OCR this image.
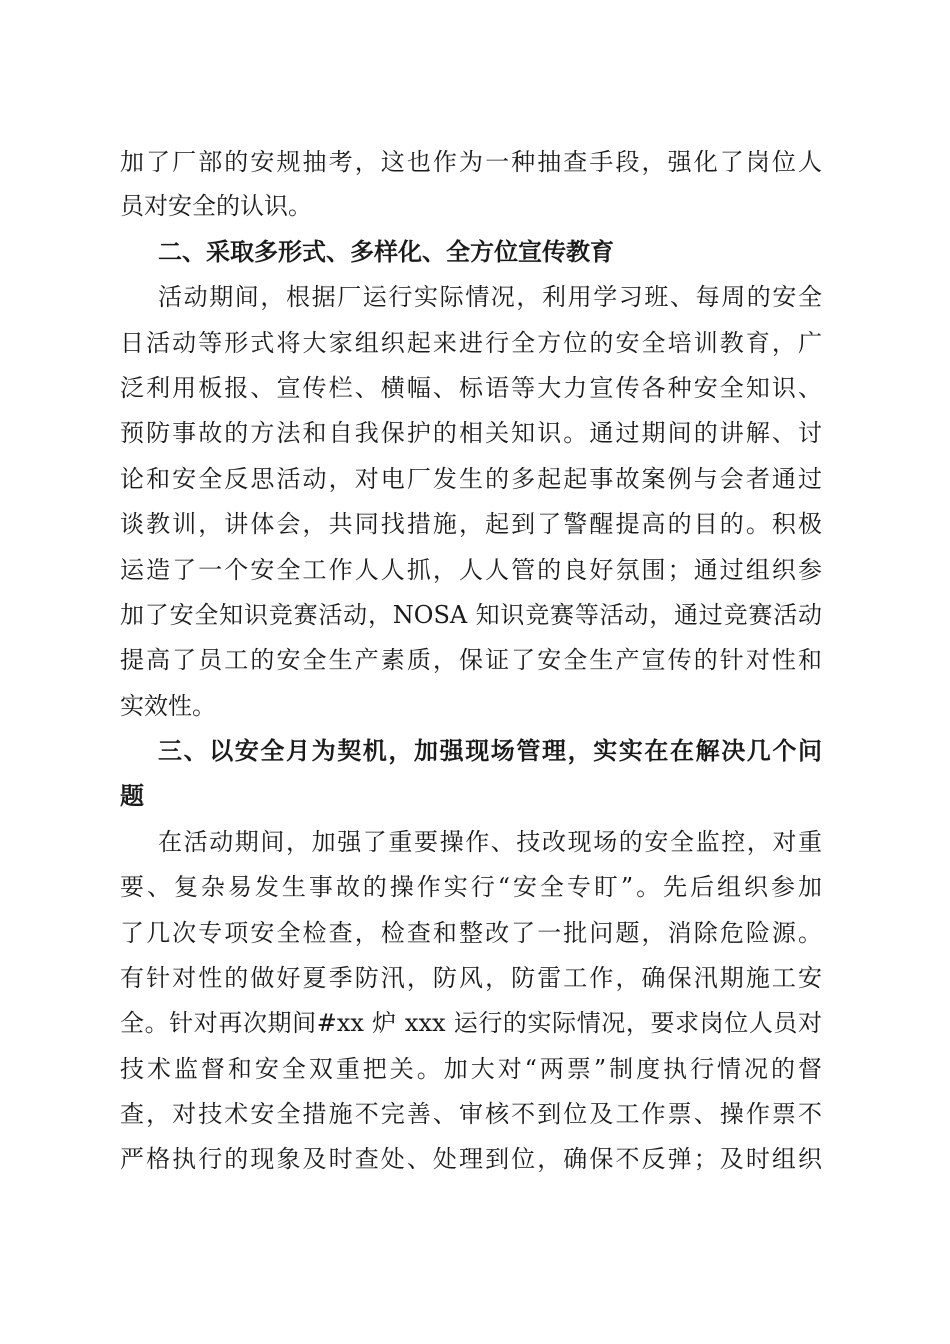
加了厂部的安规抽考，这也作为一种抽查手段，强化了岗位人
员对安全的认识。
二、采取多形式、多样化、全方位宣传教育
活动期间，根据厂运行实际情况，利用学习班、每周的安全
日活动等形式将大家组织起来进行全方位的安全培训教育，广
泛利用板报、宣传栏、横幅、标语等大力宣传各种安全知识、
预防事故的方法和自我保护的相关知识。通过期间的讲解、讨
论和安全反思活动，对电厂发生的多起起事故案例与会者通过
谈教训，讲体会，共同找措施，起到了警醒提高的目的。积极
运造了一个安全工作人人抓，人人管的良好氛围；通过组织参
加了安全知识竞赛活动，NOSA 知识竞赛等活动，通过竞赛活动
提高了员工的安全生产素质，保证了安全生产宣传的针对性和
实效性。
三、以安全月为契机，加强现场管理，实实在在解决几个问
题
在活动期间，加强了重要操作、技改现场的安全监控，对重
要、复杂易发生事故的操作实行“安全专盯”。先后组织参加
了几次专项安全检查，检查和整改了一批问题，消除危险源。
有针对性的做好夏季防汛，防风，防雷工作，确保汛期施工安
全。针对再次期间#xx 炉 xxx 运行的实际情况，要求岗位人员对
技术监督和安全双重把关。加大对“两票”制度执行情况的督
查，对技术安全措施不完善、审核不到位及工作票、操作票不
严格执行的现象及时查处、处理到位，确保不反弹；及时组织
